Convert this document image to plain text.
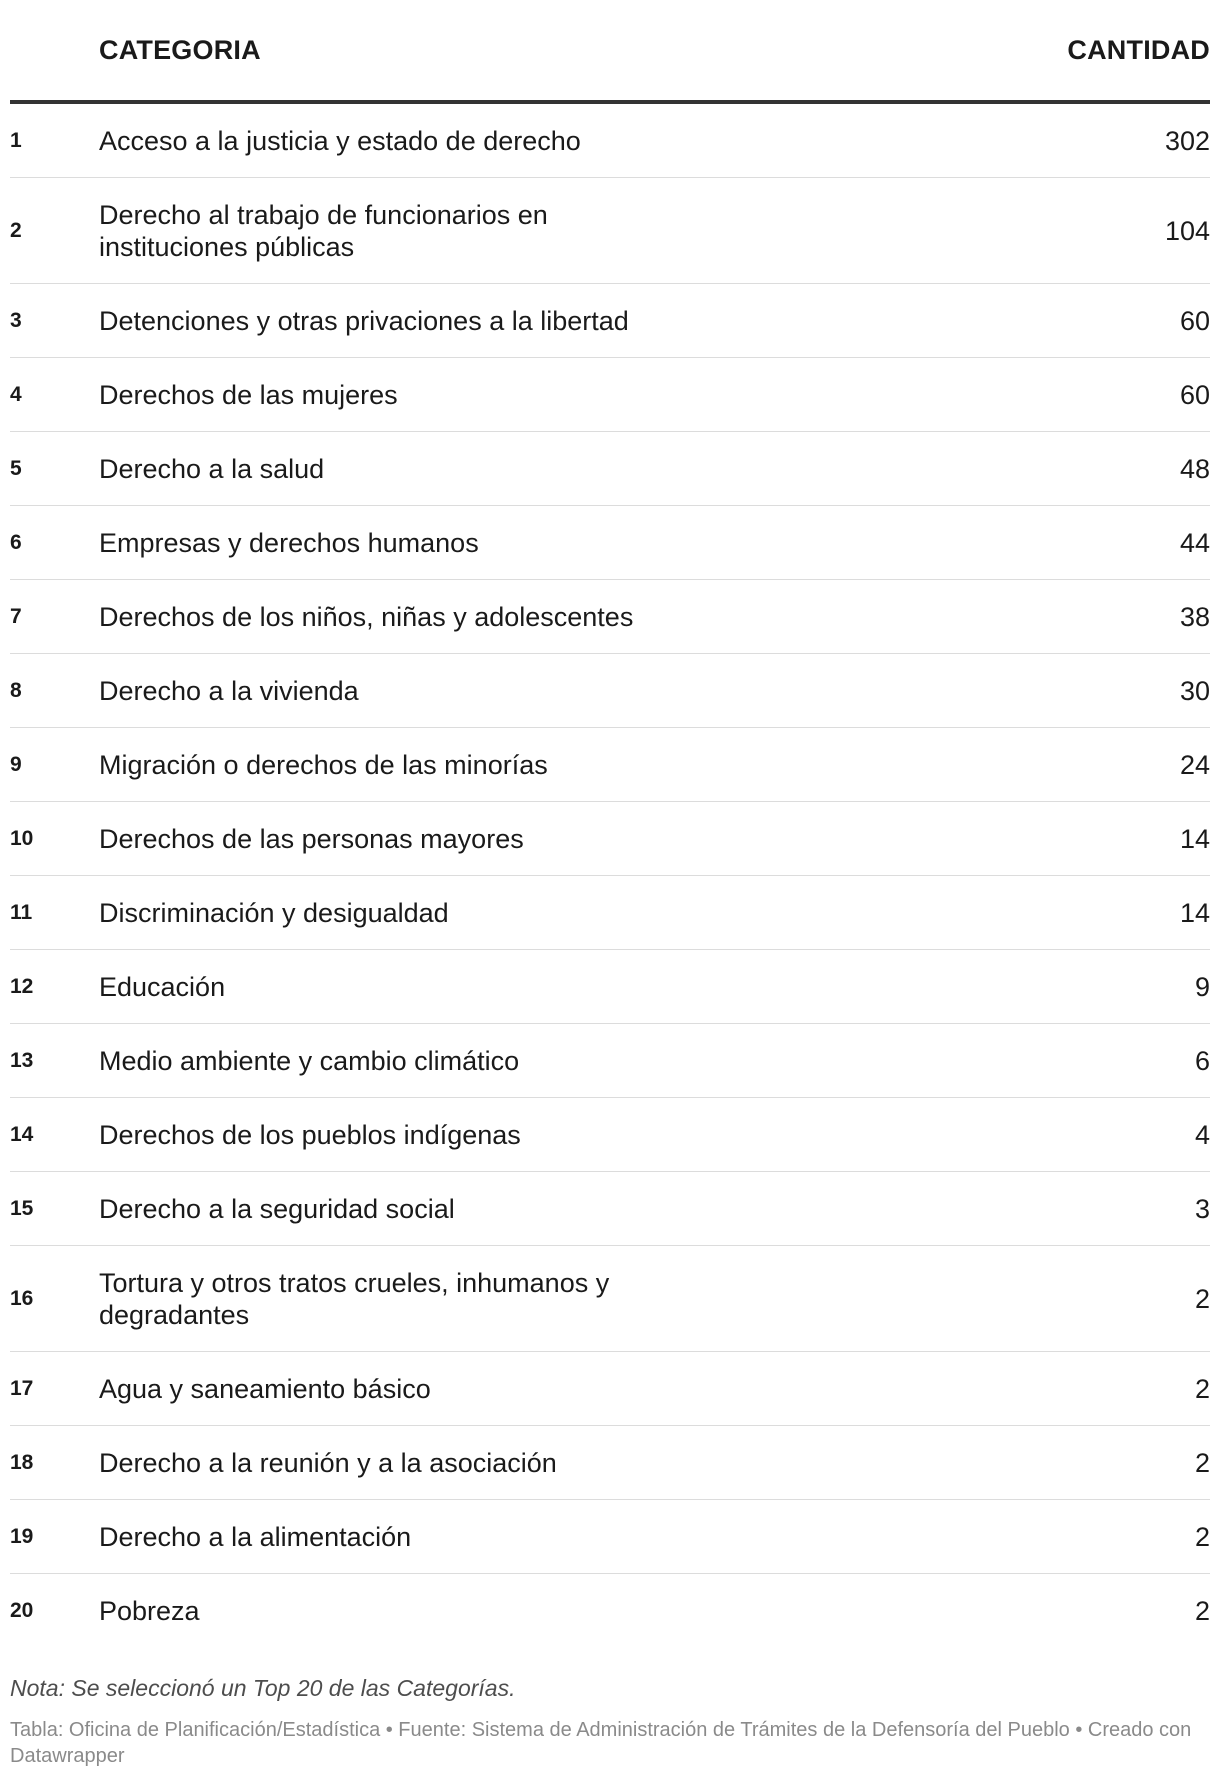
	CATEGORIA	CANTIDAD
1	Acceso a la justicia y estado de derecho	302
2	Derecho al trabajo de funcionarios en instituciones públicas	104
3	Detenciones y otras privaciones a la libertad	60
4	Derechos de las mujeres	60
5	Derecho a la salud	48
6	Empresas y derechos humanos	44
7	Derechos de los niños, niñas y adolescentes	38
8	Derecho a la vivienda	30
9	Migración o derechos de las minorías	24
10	Derechos de las personas mayores	14
11	Discriminación y desigualdad	14
12	Educación	9
13	Medio ambiente y cambio climático	6
14	Derechos de los pueblos indígenas	4
15	Derecho a la seguridad social	3
16	Tortura y otros tratos crueles, inhumanos y degradantes	2
17	Agua y saneamiento básico	2
18	Derecho a la reunión y a la asociación	2
19	Derecho a la alimentación	2
20	Pobreza	2
Nota: Se seleccionó un Top 20 de las Categorías.
Tabla: Oficina de Planificación/Estadística • Fuente: Sistema de Administración de Trámites de la Defensoría del Pueblo • Creado con Datawrapper
